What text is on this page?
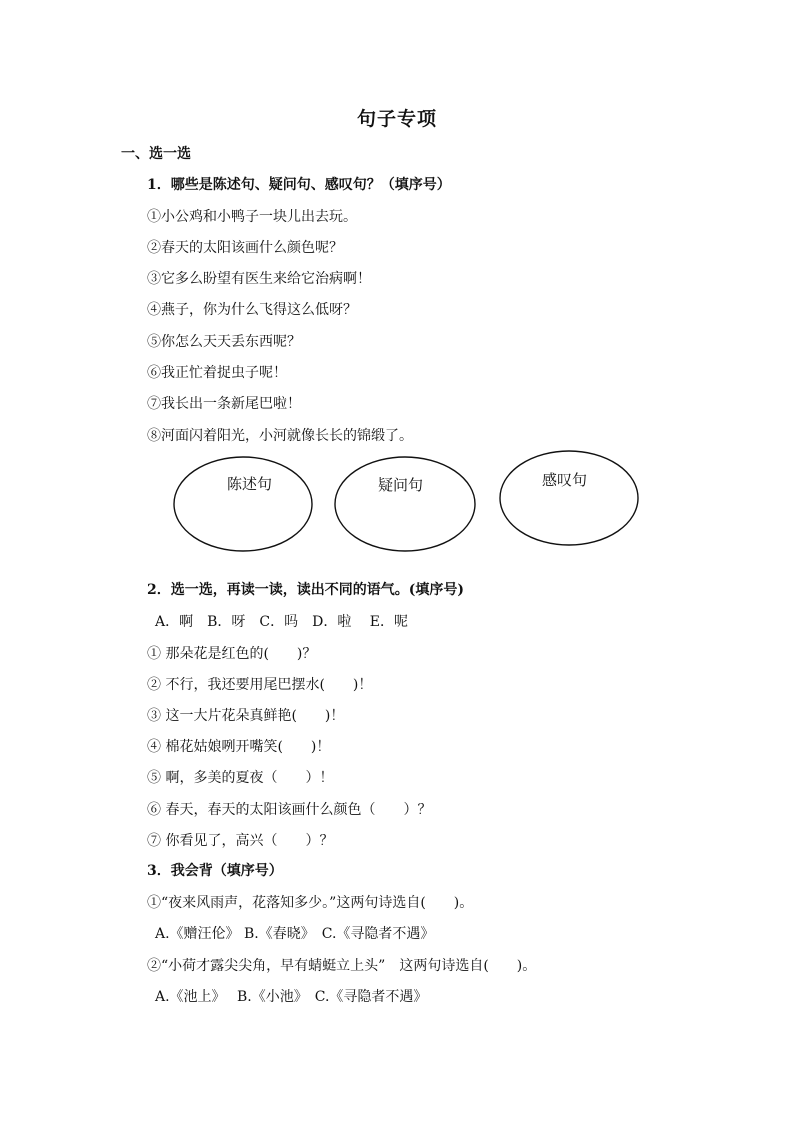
句子专项
一、选一选
1．哪些是陈述句、疑问句、感叹句？（填序号）
①小公鸡和小鸭子一块儿出去玩。
②春天的太阳该画什么颜色呢？
③它多么盼望有医生来给它治病啊！
④燕子，你为什么飞得这么低呀？
⑤你怎么天天丢东西呢？
⑥我正忙着捉虫子呢！
⑦我长出一条新尾巴啦！
⑧河面闪着阳光，小河就像长长的锦缎了。
陈述句	疑问句	感叹句
2．选一选，再读一读，读出不同的语气。(填序号)
A．啊　B．呀　C．吗　D．啦　 E．呢
① 那朵花是红色的(　　)？
② 不行，我还要用尾巴摆水(　　)！
③ 这一大片花朵真鲜艳(　　)！
④ 棉花姑娘咧开嘴笑(　　)！
⑤ 啊，多美的夏夜（　　）！
⑥ 春天，春天的太阳该画什么颜色（　　）？
⑦ 你看见了，高兴（　　）？
3．我会背（填序号）
①“夜来风雨声，花落知多少。”这两句诗选自(　　)。
A.《赠汪伦》 B.《春晓》　C.《寻隐者不遇》
②“小荷才露尖尖角，早有蜻蜓立上头”　这两句诗选自(　　)。
A.《池上》　 B.《小池》　C.《寻隐者不遇》
